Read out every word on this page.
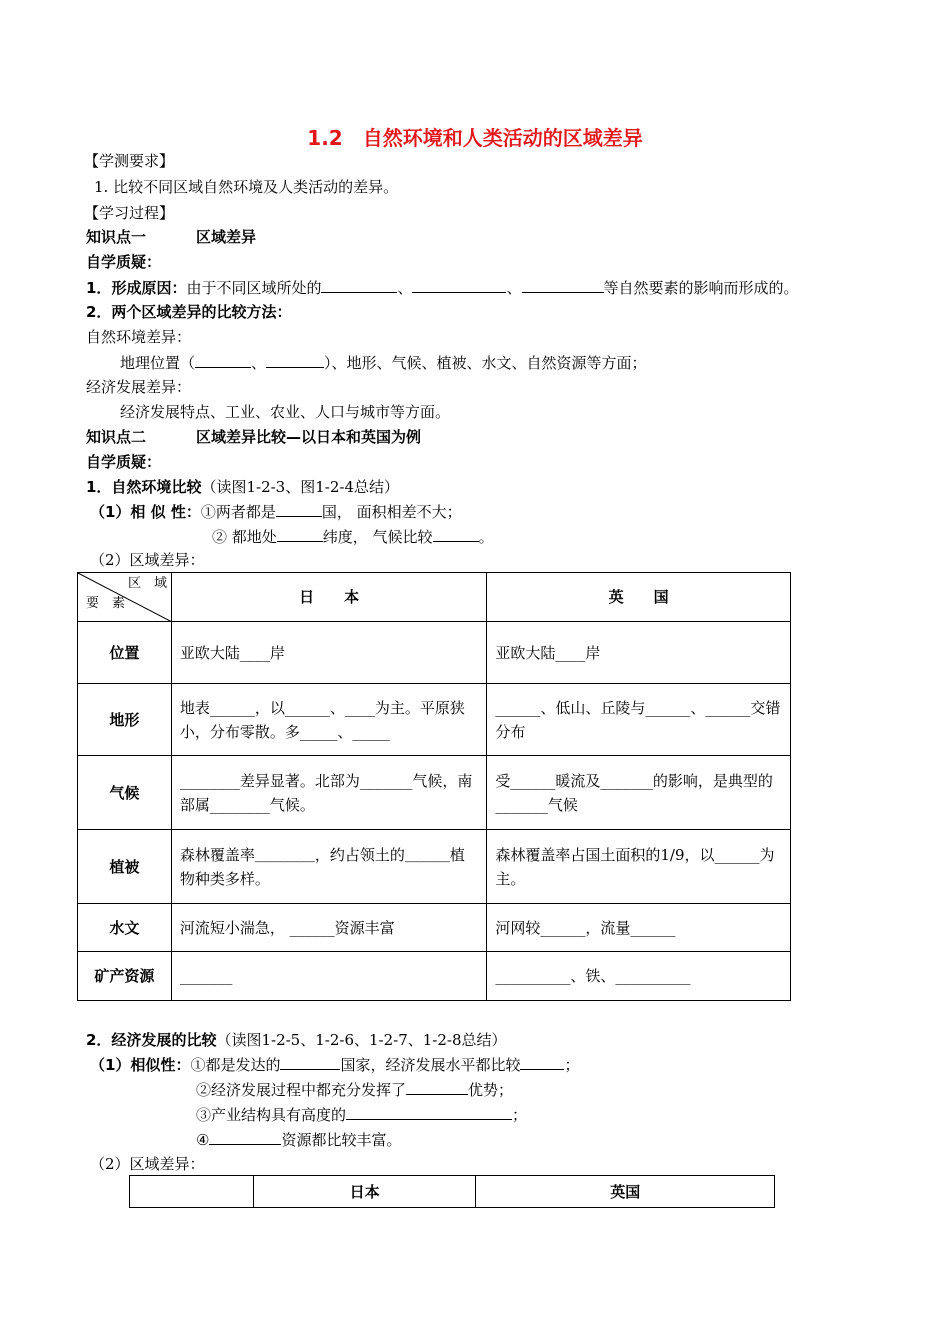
1.2　自然环境和人类活动的区域差异
【学测要求】
1. 比较不同区域自然环境及人类活动的差异。
【学习过程】
知识点一	区域差异
自学质疑：
1．形成原因：由于不同区域所处的	、	、	等自然要素的影响而形成的。
2．两个区域差异的比较方法：
自然环境差异：
地理位置（	、	）、地形、气候、植被、水文、自然资源等方面；
经济发展差异：
经济发展特点、工业、农业、人口与城市等方面。
知识点二	区域差异比较—以日本和英国为例
自学质疑：
1．自然环境比较（读图1-2-3、图1-2-4总结）
（1）相 似 性：①两者都是	国， 面积相差不大；
② 都地处	纬度， 气候比较	。
（2）区域差异：
区　域
要　素	日　　本	英　　国
位置	亚欧大陆____岸	亚欧大陆____岸
地形	地表______，以______、____为主。平原狭小，分布零散。多_____、_____	______、低山、丘陵与______、______交错分布
气候	________差异显著。北部为_______气候，南部属________气候。	受______暖流及_______的影响，是典型的_______气候
植被	森林覆盖率＿＿＿＿，约占领土的＿＿＿植物种类多样。	森林覆盖率占国土面积的1/9，以______为主。
水文	河流短小湍急， ______资源丰富	河网较______，流量______
矿产资源	_______	__________、铁、__________
2．经济发展的比较（读图1-2-5、1-2-6、1-2-7、1-2-8总结）
（1）相似性：①都是发达的	国家，经济发展水平都比较	；
②经济发展过程中都充分发挥了	优势；
③产业结构具有高度的	；
④	资源都比较丰富。
（2）区域差异：
	日本	英国
